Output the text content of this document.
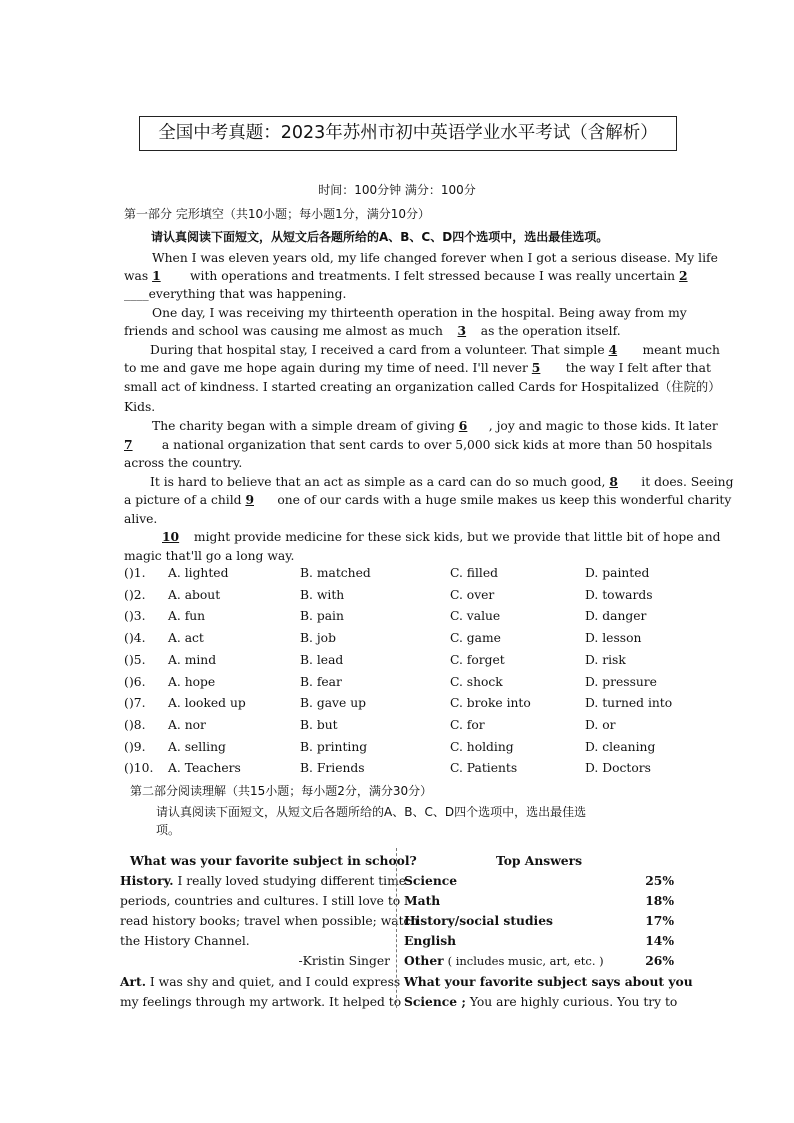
全国中考真题：2023年苏州市初中英语学业水平考试（含解析）
时间：100分钟 满分：100分
第一部分 完形填空（共10小题；每小题1分，满分10分）
请认真阅读下面短文，从短文后各题所给的A、B、C、D四个选项中，选出最佳选项。
When I was eleven years old, my life changed forever when I got a serious disease. My life
was 1 with operations and treatments. I felt stressed because I was really uncertain 2
____everything that was happening.
One day, I was receiving my thirteenth operation in the hospital. Being away from my
friends and school was causing me almost as much 3 as the operation itself.
During that hospital stay, I received a card from a volunteer. That simple 4 meant much
to me and gave me hope again during my time of need. I'll never 5 the way I felt after that
small act of kindness. I started creating an organization called Cards for Hospitalized（住院的）
Kids.
The charity began with a simple dream of giving 6 , joy and magic to those kids. It later
7 a national organization that sent cards to over 5,000 sick kids at more than 50 hospitals
across the country.
It is hard to believe that an act as simple as a card can do so much good, 8 it does. Seeing
a picture of a child 9 one of our cards with a huge smile makes us keep this wonderful charity
alive.
10 might provide medicine for these sick kids, but we provide that little bit of hope and
magic that'll go a long way.
( )1. A. lighted	B. matched	C. filled	D. painted
( )2. A. about	B. with	C. over	D. towards
( )3. A. fun	B. pain	C. value	D. danger
( )4. A. act	B. job	C. game	D. lesson
( )5. A. mind	B. lead	C. forget	D. risk
( )6. A. hope	B. fear	C. shock	D. pressure
( )7. A. looked up	B. gave up	C. broke into	D. turned into
( )8. A. nor	B. but	C. for	D. or
( )9. A. selling	B. printing	C. holding	D. cleaning
( )10. A. Teachers	B. Friends	C. Patients	D. Doctors
第二部分阅读理解（共15小题；每小题2分，满分30分）
请认真阅读下面短文，从短文后各题所给的A、B、C、D四个选项中，选出最佳选
项。
What was your favorite subject in school?
History. I really loved studying different time
periods, countries and cultures. I still love to
read history books; travel when possible; watch
the History Channel.
-Kristin Singer
Art. I was shy and quiet, and I could express
my feelings through my artwork. It helped to
Top Answers
Science	25%
Math	18%
History/social studies	17%
English	14%
Other ( includes music, art, etc. )	26%
What your favorite subject says about you
Science ; You are highly curious. You try to
